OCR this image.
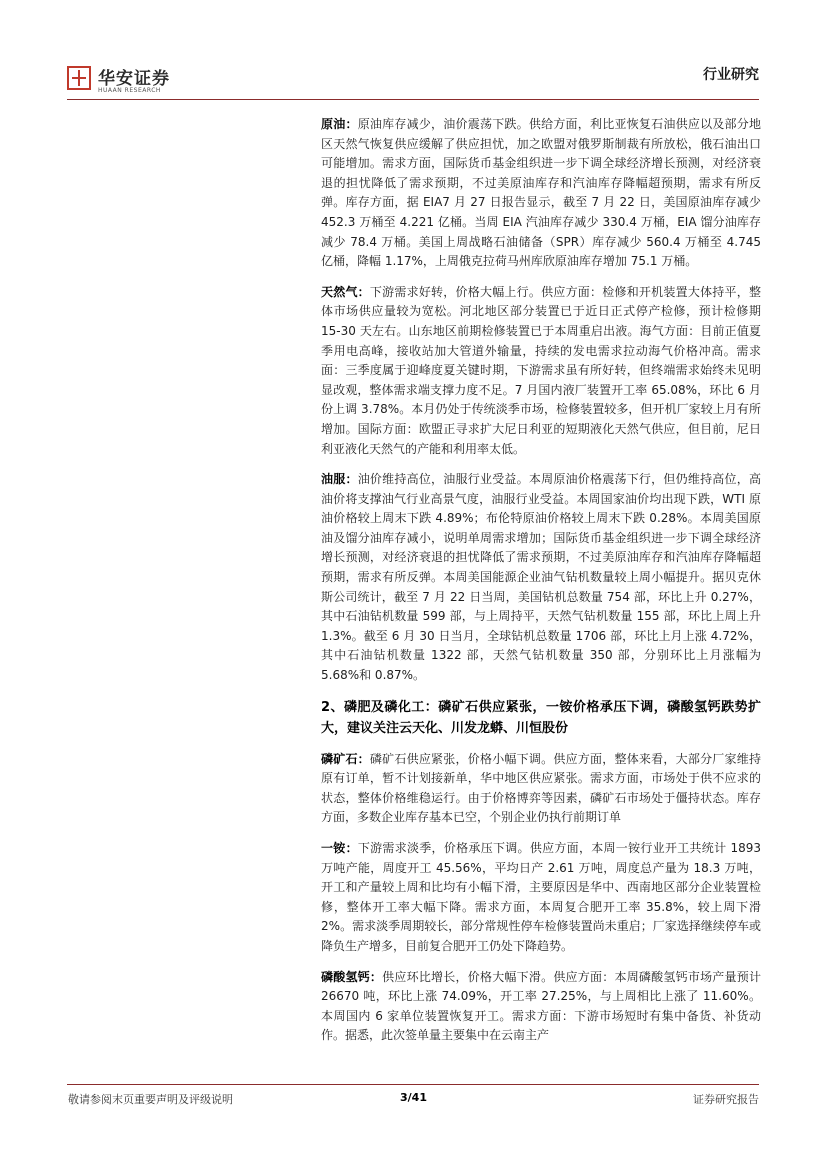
华安证券
HUAAN RESEARCH
行业研究

原油：原油库存减少，油价震荡下跌。供给方面，利比亚恢复石油供应以及部分地区天然气恢复供应缓解了供应担忧，加之欧盟对俄罗斯制裁有所放松，俄石油出口可能增加。需求方面，国际货币基金组织进一步下调全球经济增长预测，对经济衰退的担忧降低了需求预期，不过美原油库存和汽油库存降幅超预期，需求有所反弹。库存方面，据 EIA7 月 27 日报告显示，截至 7 月 22 日，美国原油库存减少 452.3 万桶至 4.221 亿桶。当周 EIA 汽油库存减少 330.4 万桶，EIA 馏分油库存减少 78.4 万桶。美国上周战略石油储备（SPR）库存减少 560.4 万桶至 4.745 亿桶，降幅 1.17%，上周俄克拉荷马州库欣原油库存增加 75.1 万桶。

天然气：下游需求好转，价格大幅上行。供应方面：检修和开机装置大体持平，整体市场供应量较为宽松。河北地区部分装置已于近日正式停产检修，预计检修期 15-30 天左右。山东地区前期检修装置已于本周重启出液。海气方面：目前正值夏季用电高峰，接收站加大管道外输量，持续的发电需求拉动海气价格冲高。需求面：三季度属于迎峰度夏关键时期，下游需求虽有所好转，但终端需求始终未见明显改观，整体需求端支撑力度不足。7 月国内液厂装置开工率 65.08%，环比 6 月份上调 3.78%。本月仍处于传统淡季市场，检修装置较多，但开机厂家较上月有所增加。国际方面：欧盟正寻求扩大尼日利亚的短期液化天然气供应，但目前，尼日利亚液化天然气的产能和利用率太低。

油服：油价维持高位，油服行业受益。本周原油价格震荡下行，但仍维持高位，高油价将支撑油气行业高景气度，油服行业受益。本周国家油价均出现下跌，WTI 原油价格较上周末下跌 4.89%；布伦特原油价格较上周末下跌 0.28%。本周美国原油及馏分油库存减小，说明单周需求增加；国际货币基金组织进一步下调全球经济增长预测，对经济衰退的担忧降低了需求预期，不过美原油库存和汽油库存降幅超预期，需求有所反弹。本周美国能源企业油气钻机数量较上周小幅提升。据贝克休斯公司统计，截至 7 月 22 日当周，美国钻机总数量 754 部，环比上升 0.27%，其中石油钻机数量 599 部，与上周持平，天然气钻机数量 155 部，环比上周上升 1.3%。截至 6 月 30 日当月，全球钻机总数量 1706 部，环比上月上涨 4.72%，其中石油钻机数量 1322 部，天然气钻机数量 350 部，分别环比上月涨幅为 5.68%和 0.87%。

2、磷肥及磷化工：磷矿石供应紧张，一铵价格承压下调，磷酸氢钙跌势扩大，建议关注云天化、川发龙蟒、川恒股份

磷矿石：磷矿石供应紧张，价格小幅下调。供应方面，整体来看，大部分厂家维持原有订单，暂不计划接新单，华中地区供应紧张。需求方面，市场处于供不应求的状态，整体价格维稳运行。由于价格博弈等因素，磷矿石市场处于僵持状态。库存方面，多数企业库存基本已空，个别企业仍执行前期订单

一铵：下游需求淡季，价格承压下调。供应方面，本周一铵行业开工共统计 1893 万吨产能，周度开工 45.56%，平均日产 2.61 万吨，周度总产量为 18.3 万吨，开工和产量较上周和比均有小幅下滑，主要原因是华中、西南地区部分企业装置检修，整体开工率大幅下降。需求方面，本周复合肥开工率 35.8%，较上周下滑 2%。需求淡季周期较长，部分常规性停车检修装置尚未重启；厂家选择继续停车或降负生产增多，目前复合肥开工仍处下降趋势。

磷酸氢钙：供应环比增长，价格大幅下滑。供应方面：本周磷酸氢钙市场产量预计 26670 吨，环比上涨 74.09%，开工率 27.25%，与上周相比上涨了 11.60%。本周国内 6 家单位装置恢复开工。需求方面：下游市场短时有集中备货、补货动作。据悉，此次签单量主要集中在云南主产

敬请参阅末页重要声明及评级说明	3/41	证券研究报告
